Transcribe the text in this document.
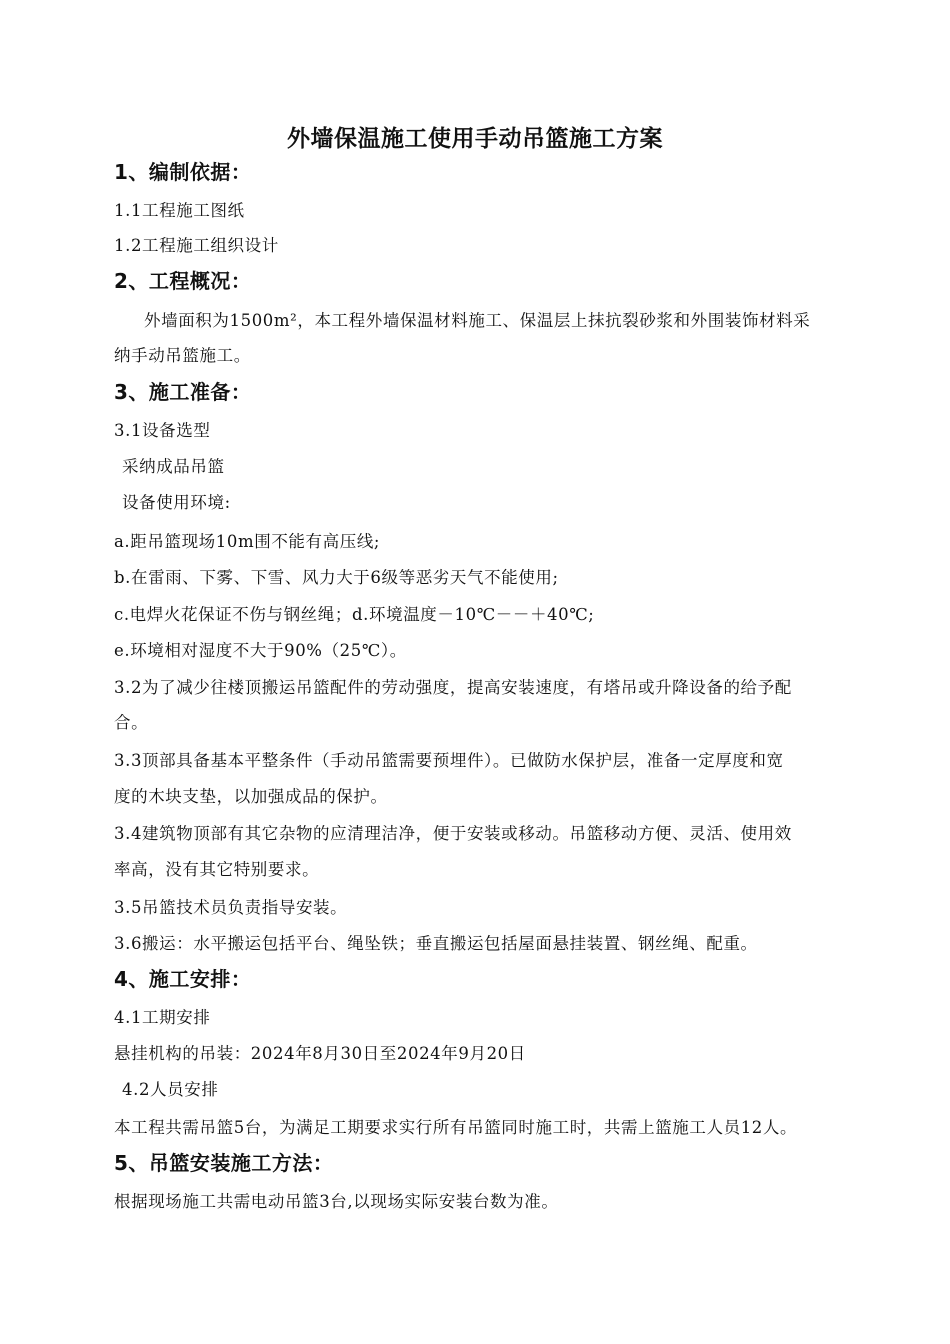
外墙保温施工使用手动吊篮施工方案
1、编制依据：
1.1工程施工图纸
1.2工程施工组织设计
2、工程概况：
外墙面积为1500m²，本工程外墙保温材料施工、保温层上抹抗裂砂浆和外围装饰材料采
纳手动吊篮施工。
3、施工准备：
3.1设备选型
采纳成品吊篮
设备使用环境:
a.距吊篮现场10m围不能有高压线;
b.在雷雨、下雾、下雪、风力大于6级等恶劣天气不能使用;
c.电焊火花保证不伤与钢丝绳；d.环境温度－10℃－－＋40℃;
e.环境相对湿度不大于90%（25℃）。
3.2为了减少往楼顶搬运吊篮配件的劳动强度，提高安装速度，有塔吊或升降设备的给予配
合。
3.3顶部具备基本平整条件（手动吊篮需要预埋件）。已做防水保护层，准备一定厚度和宽
度的木块支垫，以加强成品的保护。
3.4建筑物顶部有其它杂物的应清理洁净，便于安装或移动。吊篮移动方便、灵活、使用效
率高，没有其它特别要求。
3.5吊篮技术员负责指导安装。
3.6搬运：水平搬运包括平台、绳坠铁；垂直搬运包括屋面悬挂装置、钢丝绳、配重。
4、施工安排：
4.1工期安排
悬挂机构的吊装：2024年8月30日至2024年9月20日
4.2人员安排
本工程共需吊篮5台，为满足工期要求实行所有吊篮同时施工时，共需上篮施工人员12人。
5、吊篮安装施工方法：
根据现场施工共需电动吊篮3台,以现场实际安装台数为准。
